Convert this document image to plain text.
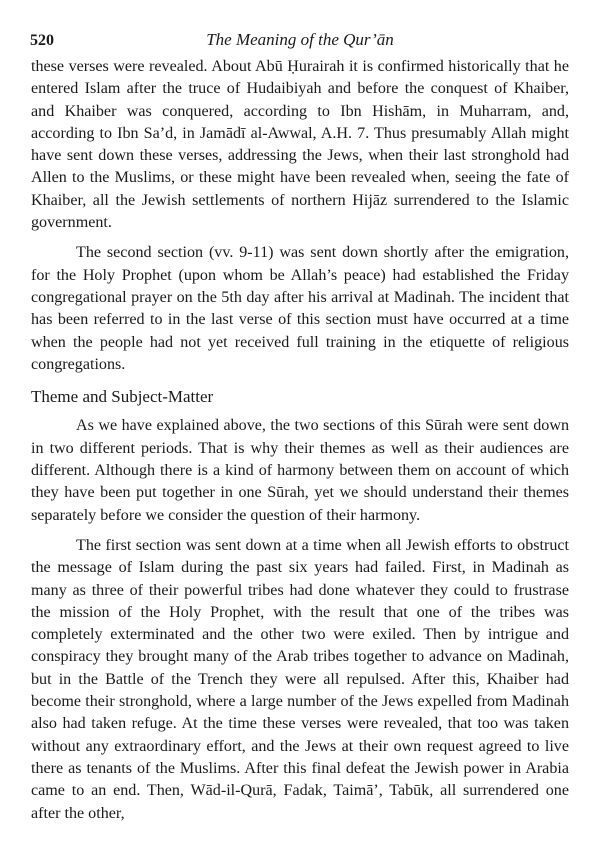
520	The Meaning of the Qur’ān

these verses were revealed. About Abū Ḥurairah it is confirmed historically that he entered Islam after the truce of Hudaibiyah and before the conquest of Khaiber, and Khaiber was conquered, according to Ibn Hishām, in Muharram, and, according to Ibn Sa’d, in Jamādī al-Awwal, A.H. 7. Thus presumably Allah might have sent down these verses, addressing the Jews, when their last stronghold had Allen to the Muslims, or these might have been revealed when, seeing the fate of Khaiber, all the Jewish settlements of northern Hijāz surrendered to the Islamic government.

The second section (vv. 9-11) was sent down shortly after the emigration, for the Holy Prophet (upon whom be Allah’s peace) had established the Friday congregational prayer on the 5th day after his arrival at Madinah. The incident that has been referred to in the last verse of this section must have occurred at a time when the people had not yet received full training in the etiquette of religious congregations.

Theme and Subject-Matter

As we have explained above, the two sections of this Sūrah were sent down in two different periods. That is why their themes as well as their audiences are different. Although there is a kind of harmony between them on account of which they have been put together in one Sūrah, yet we should understand their themes separately before we consider the question of their harmony.

The first section was sent down at a time when all Jewish efforts to obstruct the message of Islam during the past six years had failed. First, in Madinah as many as three of their powerful tribes had done whatever they could to frustrase the mission of the Holy Prophet, with the result that one of the tribes was completely exterminated and the other two were exiled. Then by intrigue and conspiracy they brought many of the Arab tribes together to advance on Madinah, but in the Battle of the Trench they were all repulsed. After this, Khaiber had become their stronghold, where a large number of the Jews expelled from Madinah also had taken refuge. At the time these verses were revealed, that too was taken without any extraordinary effort, and the Jews at their own request agreed to live there as tenants of the Muslims. After this final defeat the Jewish power in Arabia came to an end. Then, Wād-il-Qurā, Fadak, Taimā’, Tabūk, all surrendered one after the other,
